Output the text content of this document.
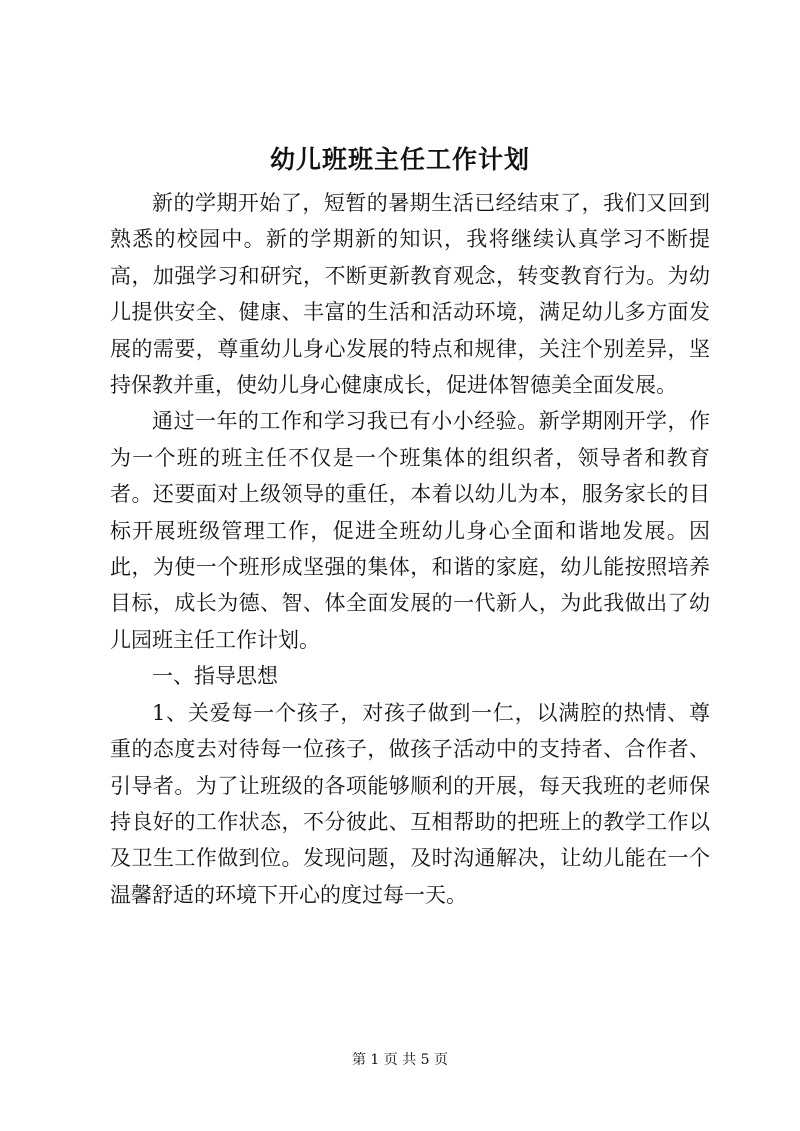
幼儿班班主任工作计划

新的学期开始了，短暂的暑期生活已经结束了，我们又回到熟悉的校园中。新的学期新的知识，我将继续认真学习不断提高，加强学习和研究，不断更新教育观念，转变教育行为。为幼儿提供安全、健康、丰富的生活和活动环境，满足幼儿多方面发展的需要，尊重幼儿身心发展的特点和规律，关注个别差异，坚持保教并重，使幼儿身心健康成长，促进体智德美全面发展。

通过一年的工作和学习我已有小小经验。新学期刚开学，作为一个班的班主任不仅是一个班集体的组织者，领导者和教育者。还要面对上级领导的重任，本着以幼儿为本，服务家长的目标开展班级管理工作，促进全班幼儿身心全面和谐地发展。因此，为使一个班形成坚强的集体，和谐的家庭，幼儿能按照培养目标，成长为德、智、体全面发展的一代新人，为此我做出了幼儿园班主任工作计划。

一、指导思想

1、关爱每一个孩子，对孩子做到一仁，以满腔的热情、尊重的态度去对待每一位孩子，做孩子活动中的支持者、合作者、引导者。为了让班级的各项能够顺利的开展，每天我班的老师保持良好的工作状态，不分彼此、互相帮助的把班上的教学工作以及卫生工作做到位。发现问题，及时沟通解决，让幼儿能在一个温馨舒适的环境下开心的度过每一天。

第 1 页 共 5 页
